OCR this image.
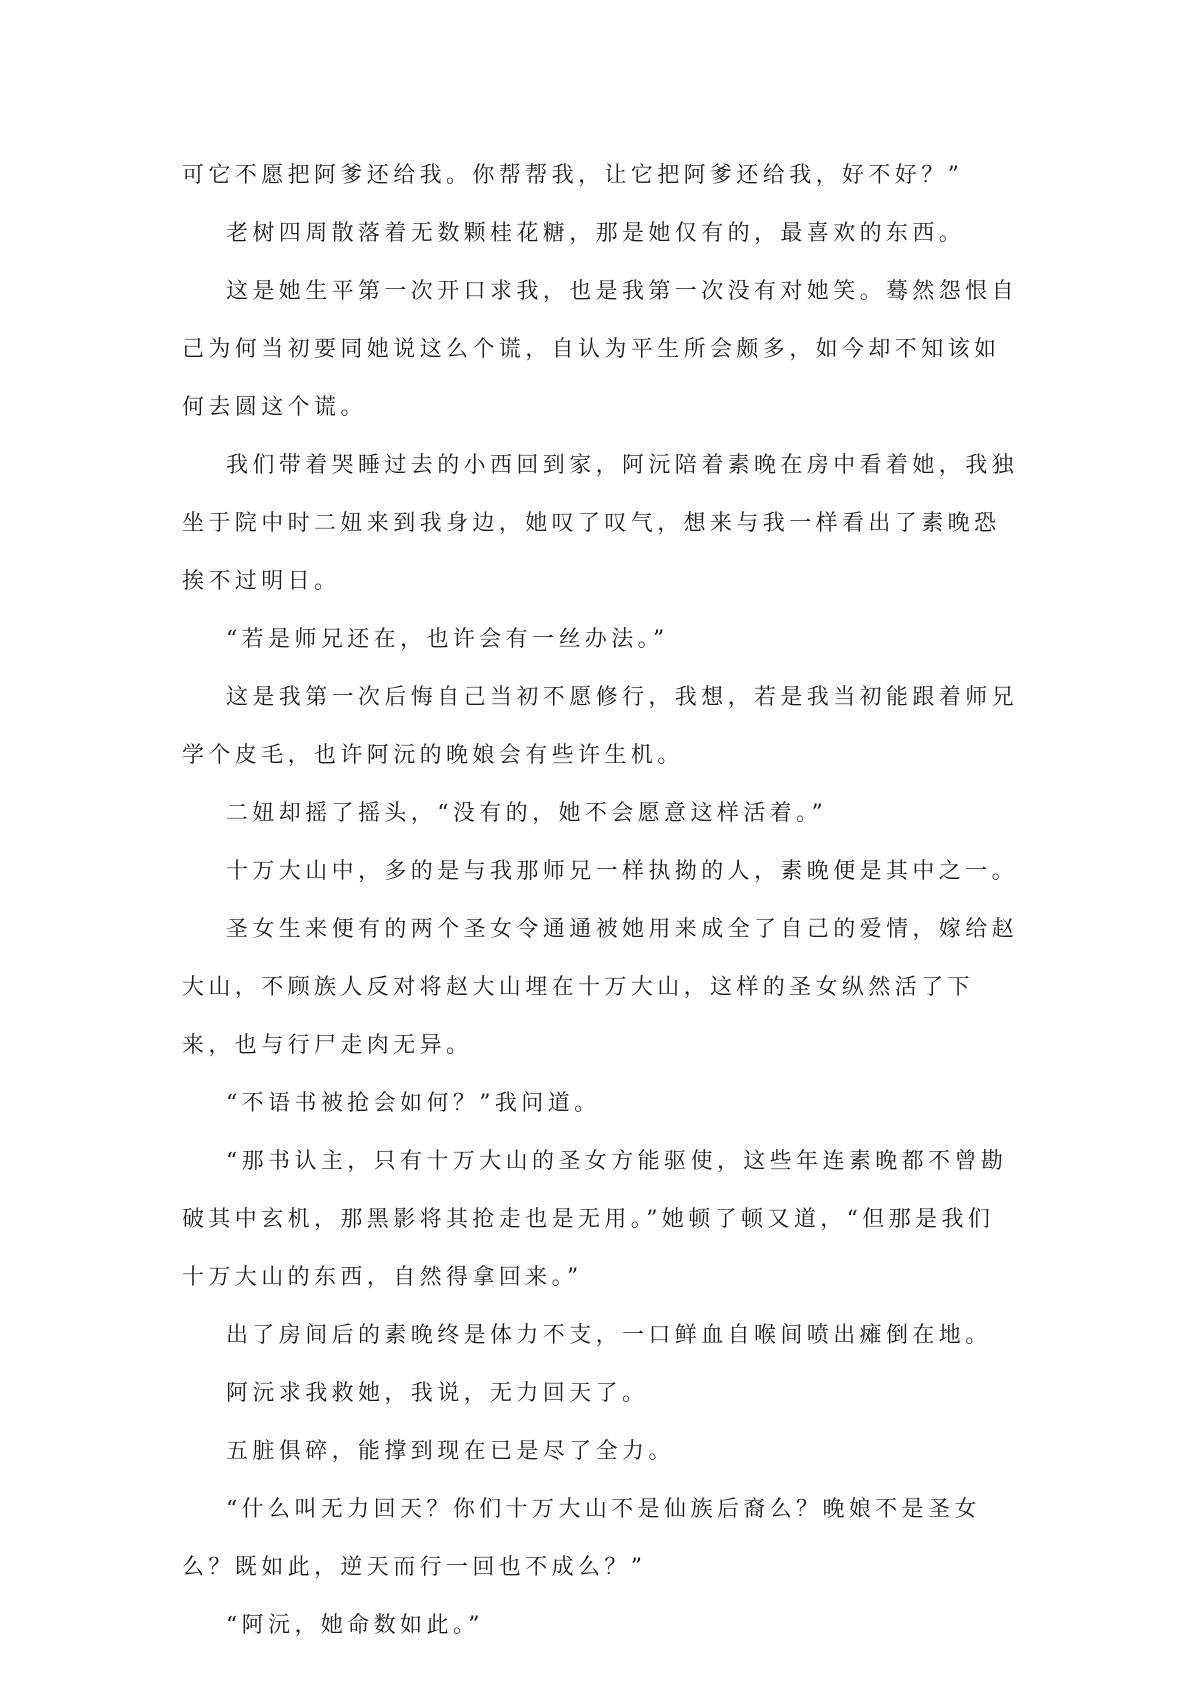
可它不愿把阿爹还给我。你帮帮我，让它把阿爹还给我，好不好？”

老树四周散落着无数颗桂花糖，那是她仅有的，最喜欢的东西。

这是她生平第一次开口求我，也是我第一次没有对她笑。蓦然怨恨自己为何当初要同她说这么个谎，自认为平生所会颇多，如今却不知该如何去圆这个谎。

我们带着哭睡过去的小西回到家，阿沅陪着素晚在房中看着她，我独坐于院中时二妞来到我身边，她叹了叹气，想来与我一样看出了素晚恐挨不过明日。

“若是师兄还在，也许会有一丝办法。”

这是我第一次后悔自己当初不愿修行，我想，若是我当初能跟着师兄学个皮毛，也许阿沅的晚娘会有些许生机。

二妞却摇了摇头，“没有的，她不会愿意这样活着。”

十万大山中，多的是与我那师兄一样执拗的人，素晚便是其中之一。

圣女生来便有的两个圣女令通通被她用来成全了自己的爱情，嫁给赵大山，不顾族人反对将赵大山埋在十万大山，这样的圣女纵然活了下来，也与行尸走肉无异。

“不语书被抢会如何？”我问道。

“那书认主，只有十万大山的圣女方能驱使，这些年连素晚都不曾勘破其中玄机，那黑影将其抢走也是无用。”她顿了顿又道，“但那是我们十万大山的东西，自然得拿回来。”

出了房间后的素晚终是体力不支，一口鲜血自喉间喷出瘫倒在地。

阿沅求我救她，我说，无力回天了。

五脏俱碎，能撑到现在已是尽了全力。

“什么叫无力回天？你们十万大山不是仙族后裔么？晚娘不是圣女么？既如此，逆天而行一回也不成么？”

“阿沅，她命数如此。”
